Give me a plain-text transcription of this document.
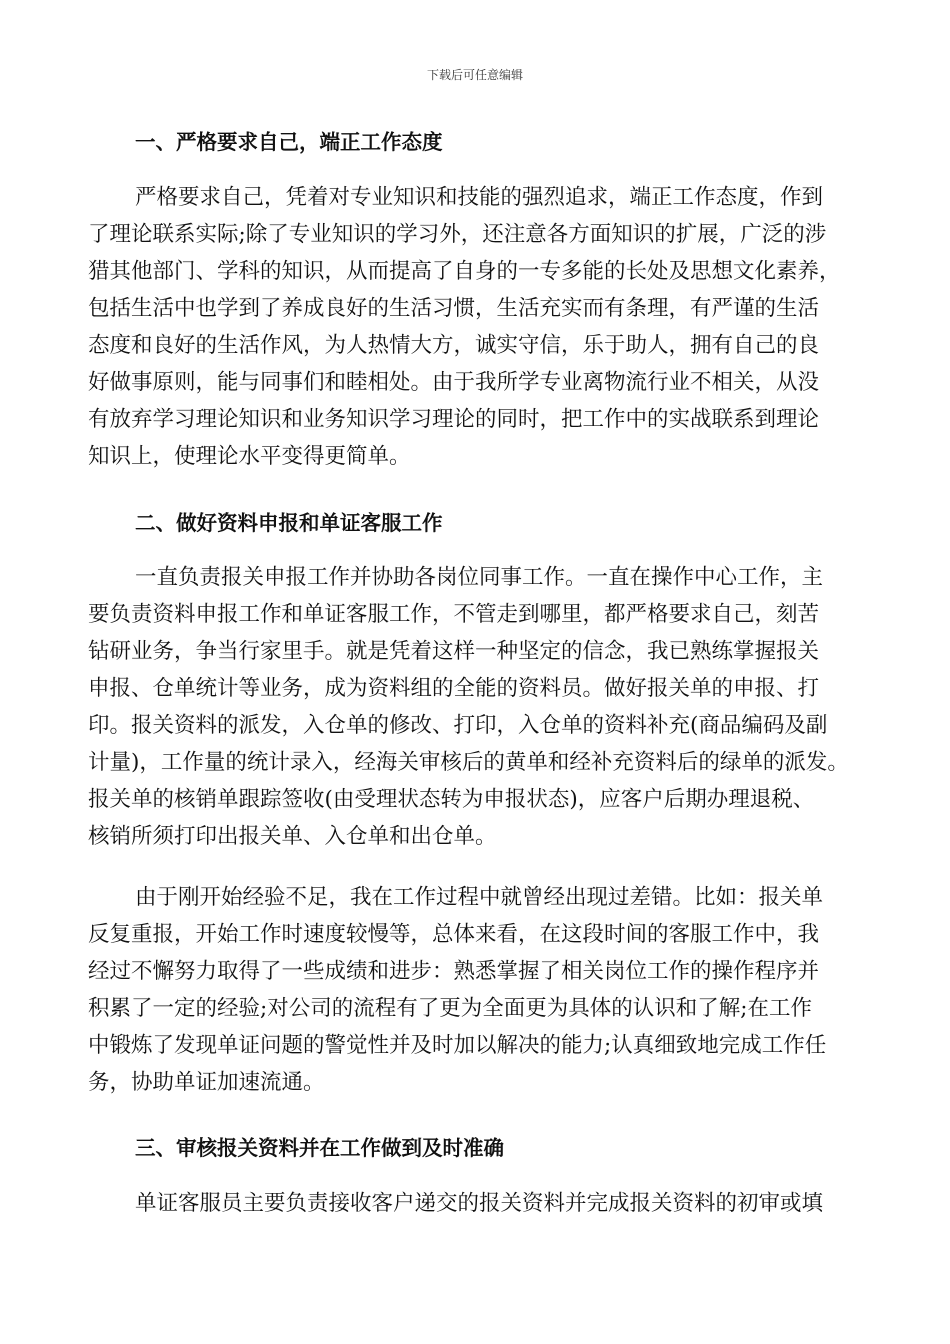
下载后可任意编辑
一、严格要求自己，端正工作态度
严格要求自己，凭着对专业知识和技能的强烈追求，端正工作态度，作到
了理论联系实际;除了专业知识的学习外，还注意各方面知识的扩展，广泛的涉
猎其他部门、学科的知识，从而提高了自身的一专多能的长处及思想文化素养，
包括生活中也学到了养成良好的生活习惯，生活充实而有条理，有严谨的生活
态度和良好的生活作风，为人热情大方，诚实守信，乐于助人，拥有自己的良
好做事原则，能与同事们和睦相处。由于我所学专业离物流行业不相关，从没
有放弃学习理论知识和业务知识学习理论的同时，把工作中的实战联系到理论
知识上，使理论水平变得更简单。
二、做好资料申报和单证客服工作
一直负责报关申报工作并协助各岗位同事工作。一直在操作中心工作，主
要负责资料申报工作和单证客服工作，不管走到哪里，都严格要求自己，刻苦
钻研业务，争当行家里手。就是凭着这样一种坚定的信念，我已熟练掌握报关
申报、仓单统计等业务，成为资料组的全能的资料员。做好报关单的申报、打
印。报关资料的派发，入仓单的修改、打印，入仓单的资料补充(商品编码及副
计量)，工作量的统计录入，经海关审核后的黄单和经补充资料后的绿单的派发。
报关单的核销单跟踪签收(由受理状态转为申报状态)，应客户后期办理退税、
核销所须打印出报关单、入仓单和出仓单。
由于刚开始经验不足，我在工作过程中就曾经出现过差错。比如：报关单
反复重报，开始工作时速度较慢等，总体来看，在这段时间的客服工作中，我
经过不懈努力取得了一些成绩和进步：熟悉掌握了相关岗位工作的操作程序并
积累了一定的经验;对公司的流程有了更为全面更为具体的认识和了解;在工作
中锻炼了发现单证问题的警觉性并及时加以解决的能力;认真细致地完成工作任
务，协助单证加速流通。
三、审核报关资料并在工作做到及时准确
单证客服员主要负责接收客户递交的报关资料并完成报关资料的初审或填
